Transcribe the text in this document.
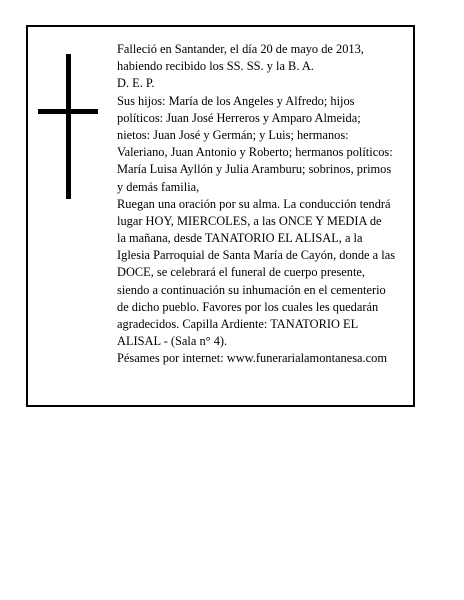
Falleció en Santander, el día 20 de mayo de 2013,
habiendo recibido los SS. SS. y la B. A.
D. E. P.
Sus hijos: María de los Angeles y Alfredo; hijos
políticos: Juan José Herreros y Amparo Almeida;
nietos: Juan José y Germán; y Luis; hermanos:
Valeriano, Juan Antonio y Roberto; hermanos políticos:
María Luisa Ayllón y Julia Aramburu; sobrinos, primos
y demás familia,
Ruegan una oración por su alma. La conducción tendrá
lugar HOY, MIERCOLES, a las ONCE Y MEDIA de
la mañana, desde TANATORIO EL ALISAL, a la
Iglesia Parroquial de Santa María de Cayón, donde a las
DOCE, se celebrará el funeral de cuerpo presente,
siendo a continuación su inhumación en el cementerio
de dicho pueblo. Favores por los cuales les quedarán
agradecidos. Capilla Ardiente: TANATORIO EL
ALISAL - (Sala n° 4).
Pésames por internet: www.funerarialamontanesa.com
